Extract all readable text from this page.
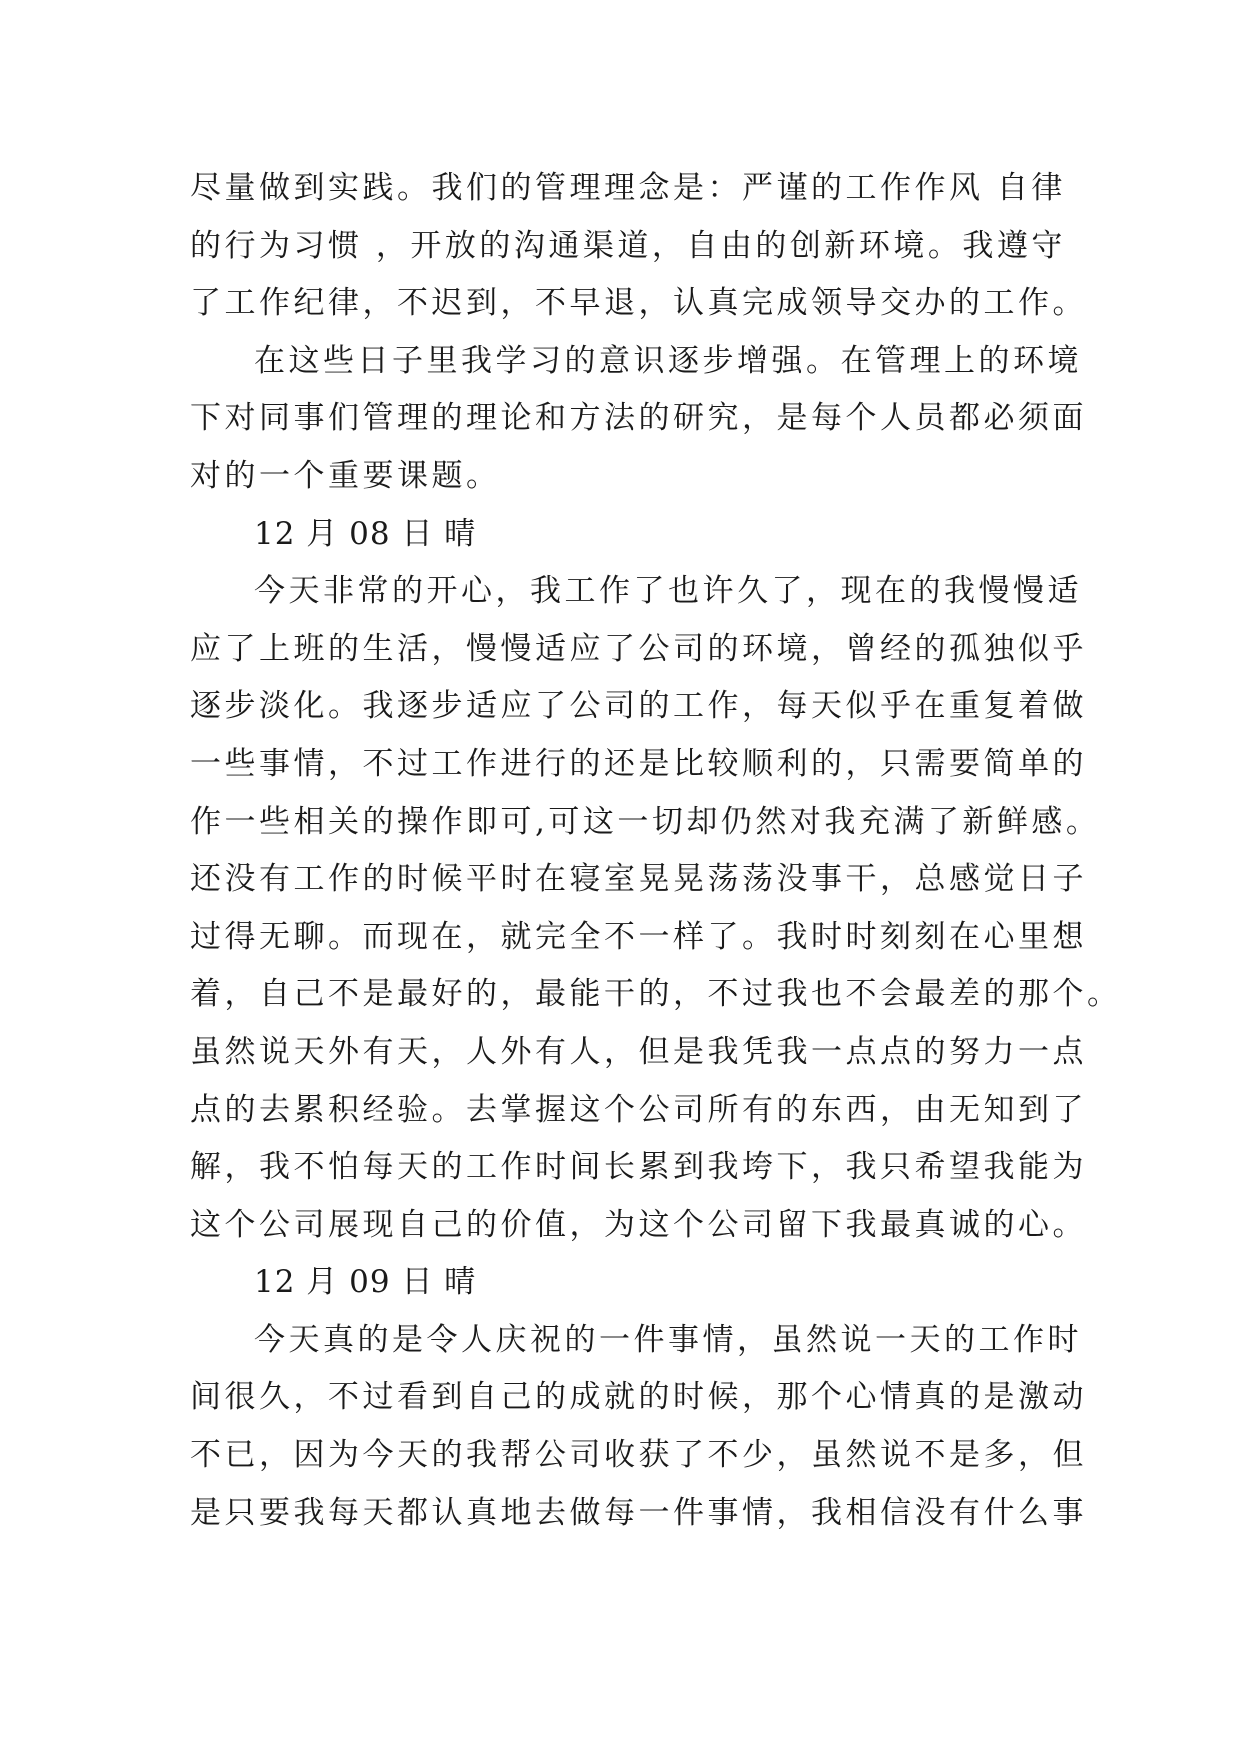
尽量做到实践。我们的管理理念是：严谨的工作作风 自律
的行为习惯 ，开放的沟通渠道，自由的创新环境。我遵守
了工作纪律，不迟到，不早退，认真完成领导交办的工作。
在这些日子里我学习的意识逐步增强。在管理上的环境
下对同事们管理的理论和方法的研究，是每个人员都必须面
对的一个重要课题。
12 月 08 日 晴
今天非常的开心，我工作了也许久了，现在的我慢慢适
应了上班的生活，慢慢适应了公司的环境，曾经的孤独似乎
逐步淡化。我逐步适应了公司的工作，每天似乎在重复着做
一些事情，不过工作进行的还是比较顺利的，只需要简单的
作一些相关的操作即可,可这一切却仍然对我充满了新鲜感。
还没有工作的时候平时在寝室晃晃荡荡没事干，总感觉日子
过得无聊。而现在，就完全不一样了。我时时刻刻在心里想
着，自己不是最好的，最能干的，不过我也不会最差的那个。
虽然说天外有天，人外有人，但是我凭我一点点的努力一点
点的去累积经验。去掌握这个公司所有的东西，由无知到了
解，我不怕每天的工作时间长累到我垮下，我只希望我能为
这个公司展现自己的价值，为这个公司留下我最真诚的心。
12 月 09 日 晴
今天真的是令人庆祝的一件事情，虽然说一天的工作时
间很久，不过看到自己的成就的时候，那个心情真的是激动
不已，因为今天的我帮公司收获了不少，虽然说不是多，但
是只要我每天都认真地去做每一件事情，我相信没有什么事
